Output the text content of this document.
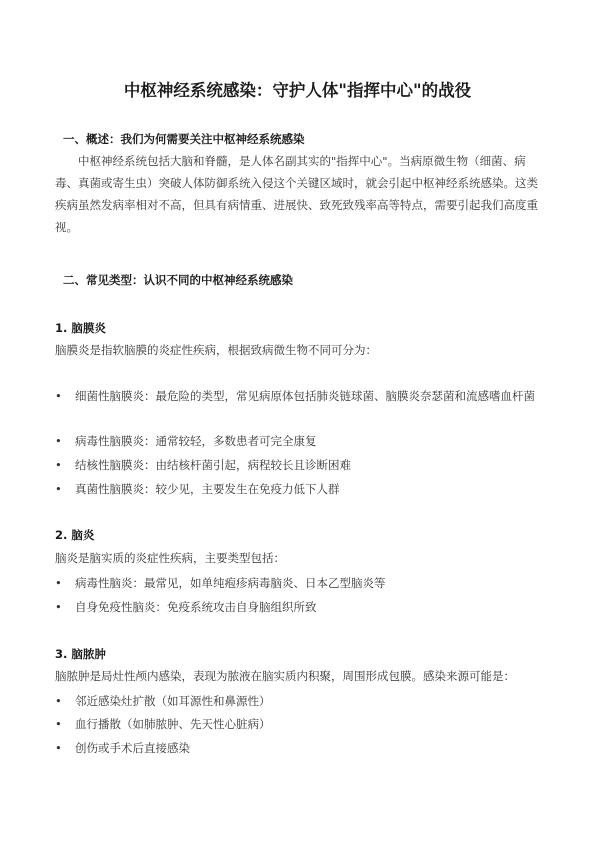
中枢神经系统感染：守护人体"指挥中心"的战役
一、概述：我们为何需要关注中枢神经系统感染
中枢神经系统包括大脑和脊髓，是人体名副其实的"指挥中心"。当病原微生物（细菌、病毒、真菌或寄生虫）突破人体防御系统入侵这个关键区域时，就会引起中枢神经系统感染。这类疾病虽然发病率相对不高，但具有病情重、进展快、致死致残率高等特点，需要引起我们高度重视。
二、常见类型：认识不同的中枢神经系统感染
1. 脑膜炎
脑膜炎是指软脑膜的炎症性疾病，根据致病微生物不同可分为：
•	细菌性脑膜炎：最危险的类型，常见病原体包括肺炎链球菌、脑膜炎奈瑟菌和流感嗜血杆菌
•	病毒性脑膜炎：通常较轻，多数患者可完全康复
•	结核性脑膜炎：由结核杆菌引起，病程较长且诊断困难
•	真菌性脑膜炎：较少见，主要发生在免疫力低下人群
2. 脑炎
脑炎是脑实质的炎症性疾病，主要类型包括：
•	病毒性脑炎：最常见，如单纯疱疹病毒脑炎、日本乙型脑炎等
•	自身免疫性脑炎：免疫系统攻击自身脑组织所致
3. 脑脓肿
脑脓肿是局灶性颅内感染，表现为脓液在脑实质内积聚，周围形成包膜。感染来源可能是：
•	邻近感染灶扩散（如耳源性和鼻源性）
•	血行播散（如肺脓肿、先天性心脏病）
•	创伤或手术后直接感染
